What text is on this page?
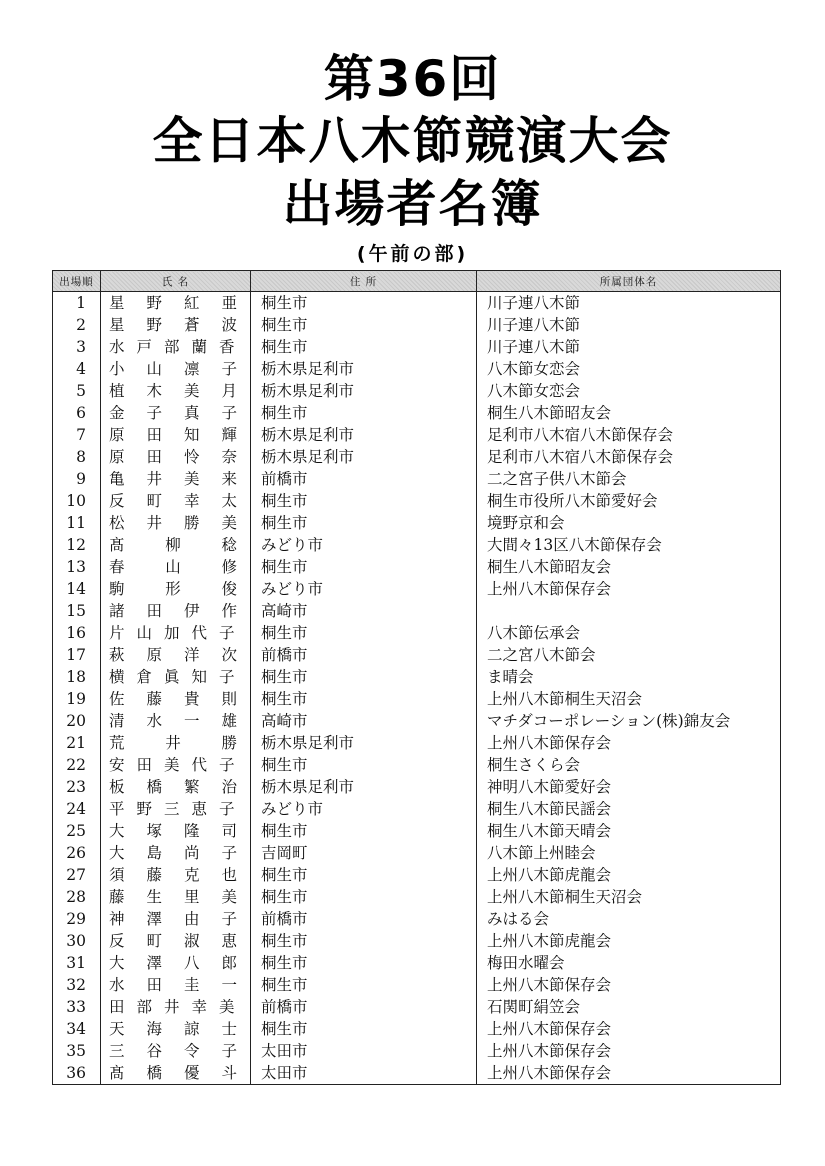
第36回
全日本八木節競演大会
出場者名簿
(午前の部)
出場順	氏 名	住 所	所属団体名
1	星 野 紅 亜	桐生市	川子連八木節
2	星 野 蒼 波	桐生市	川子連八木節
3	水戸部蘭香	桐生市	川子連八木節
4	小 山 凛 子	栃木県足利市	八木節女恋会
5	植 木 美 月	栃木県足利市	八木節女恋会
6	金 子 真 子	桐生市	桐生八木節昭友会
7	原 田 知 輝	栃木県足利市	足利市八木宿八木節保存会
8	原 田 怜 奈	栃木県足利市	足利市八木宿八木節保存会
9	亀 井 美 来	前橋市	二之宮子供八木節会
10	反 町 幸 太	桐生市	桐生市役所八木節愛好会
11	松 井 勝 美	桐生市	境野京和会
12	髙 柳 稔	みどり市	大間々13区八木節保存会
13	春 山 修	桐生市	桐生八木節昭友会
14	駒 形 俊	みどり市	上州八木節保存会
15	諸 田 伊 作	高崎市	
16	片山加代子	桐生市	八木節伝承会
17	萩 原 洋 次	前橋市	二之宮八木節会
18	横倉眞知子	桐生市	ま晴会
19	佐 藤 貴 則	桐生市	上州八木節桐生天沼会
20	清 水 一 雄	高崎市	マチダコーポレーション(株)錦友会
21	荒 井 勝	栃木県足利市	上州八木節保存会
22	安田美代子	桐生市	桐生さくら会
23	板 橋 繁 治	栃木県足利市	神明八木節愛好会
24	平野三恵子	みどり市	桐生八木節民謡会
25	大 塚 隆 司	桐生市	桐生八木節天晴会
26	大 島 尚 子	吉岡町	八木節上州睦会
27	須 藤 克 也	桐生市	上州八木節虎龍会
28	藤 生 里 美	桐生市	上州八木節桐生天沼会
29	神 澤 由 子	前橋市	みはる会
30	反 町 淑 恵	桐生市	上州八木節虎龍会
31	大 澤 八 郎	桐生市	梅田水曜会
32	水 田 圭 一	桐生市	上州八木節保存会
33	田部井幸美	前橋市	石関町絹笠会
34	天 海 諒 士	桐生市	上州八木節保存会
35	三 谷 令 子	太田市	上州八木節保存会
36	髙 橋 優 斗	太田市	上州八木節保存会
